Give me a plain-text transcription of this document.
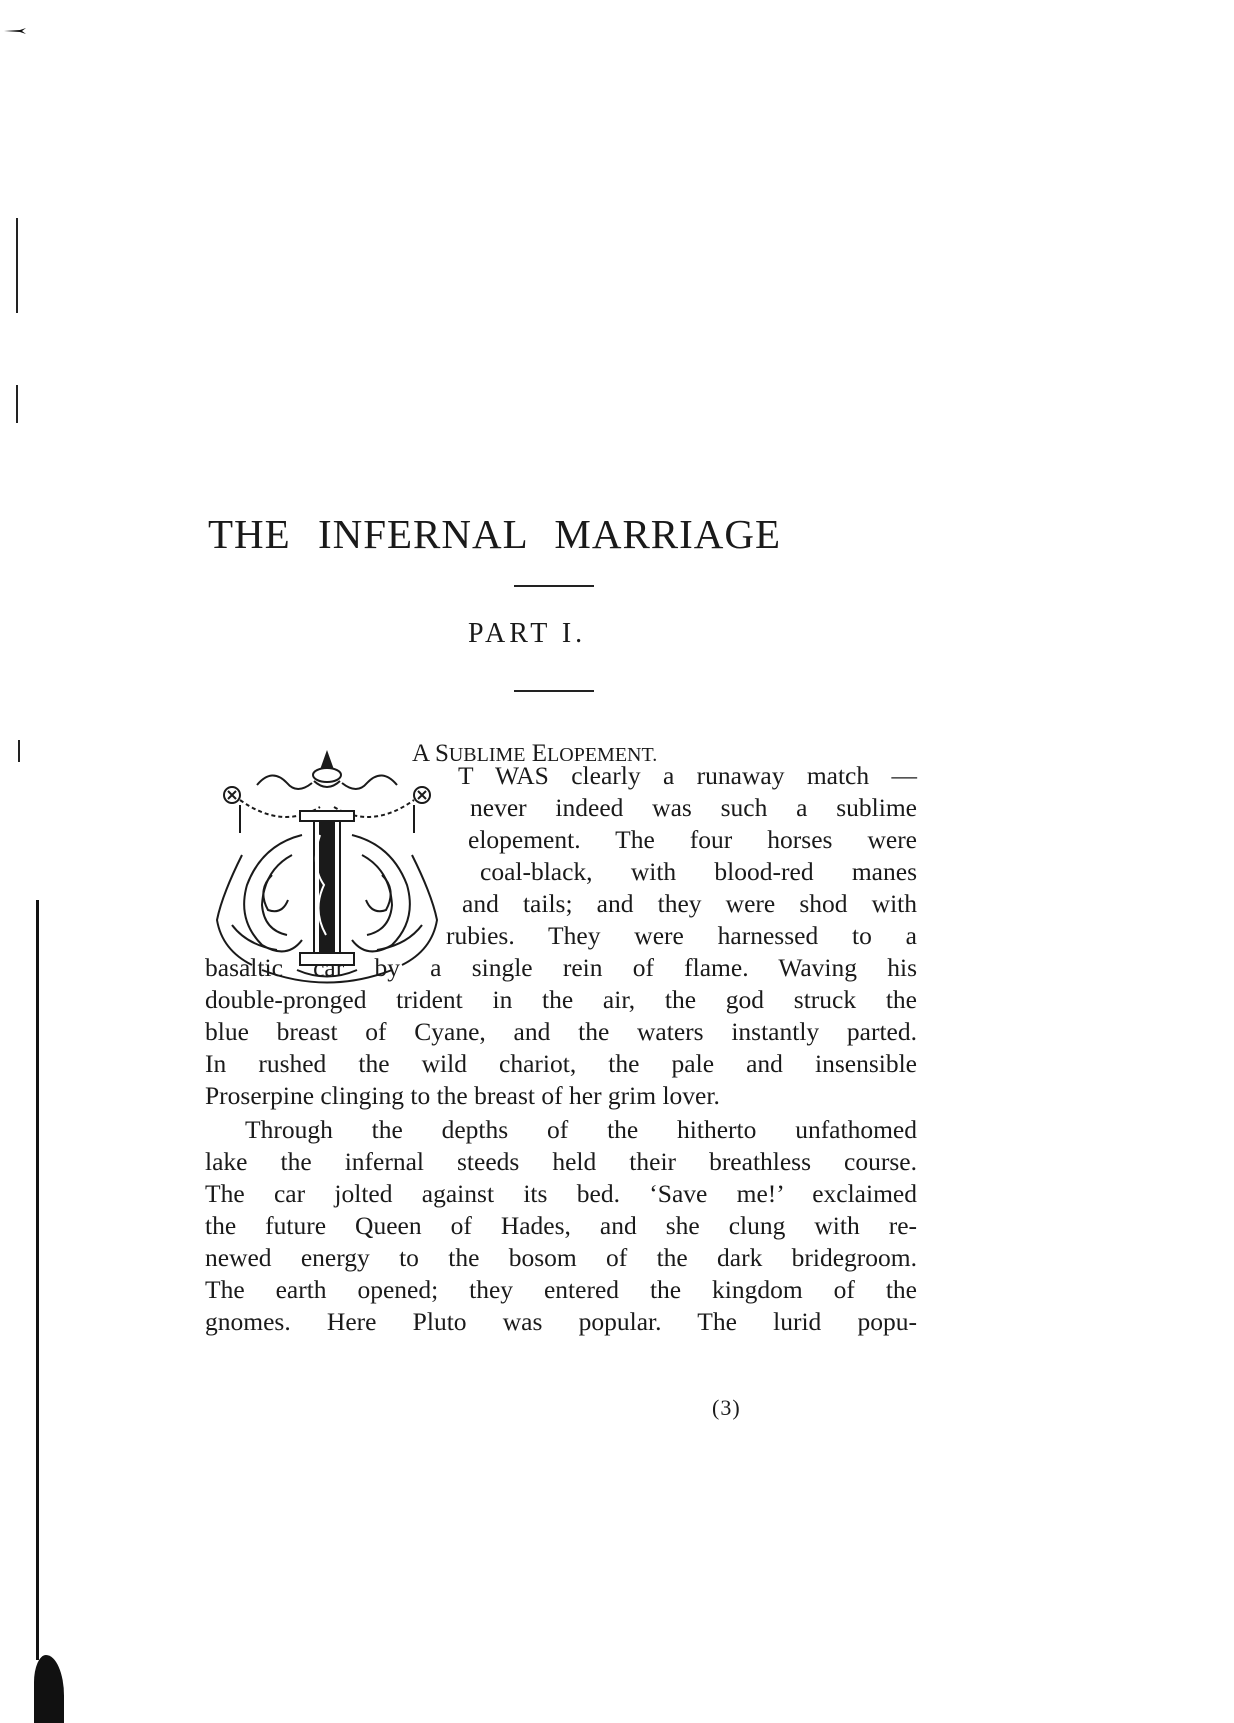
THE INFERNAL MARRIAGE
PART I.
A SUBLIME ELOPEMENT.
T WAS clearly a runaway match —
never indeed was such a sublime
elopement. The four horses were
coal-black, with blood-red manes
and tails; and they were shod with
rubies. They were harnessed to a
basaltic car by a single rein of flame. Waving his
double-pronged trident in the air, the god struck the
blue breast of Cyane, and the waters instantly parted.
In rushed the wild chariot, the pale and insensible
Proserpine clinging to the breast of her grim lover.
Through the depths of the hitherto unfathomed
lake the infernal steeds held their breathless course.
The car jolted against its bed. ‘Save me!’ exclaimed
the future Queen of Hades, and she clung with re-
newed energy to the bosom of the dark bridegroom.
The earth opened; they entered the kingdom of the
gnomes. Here Pluto was popular. The lurid popu-
(3)
